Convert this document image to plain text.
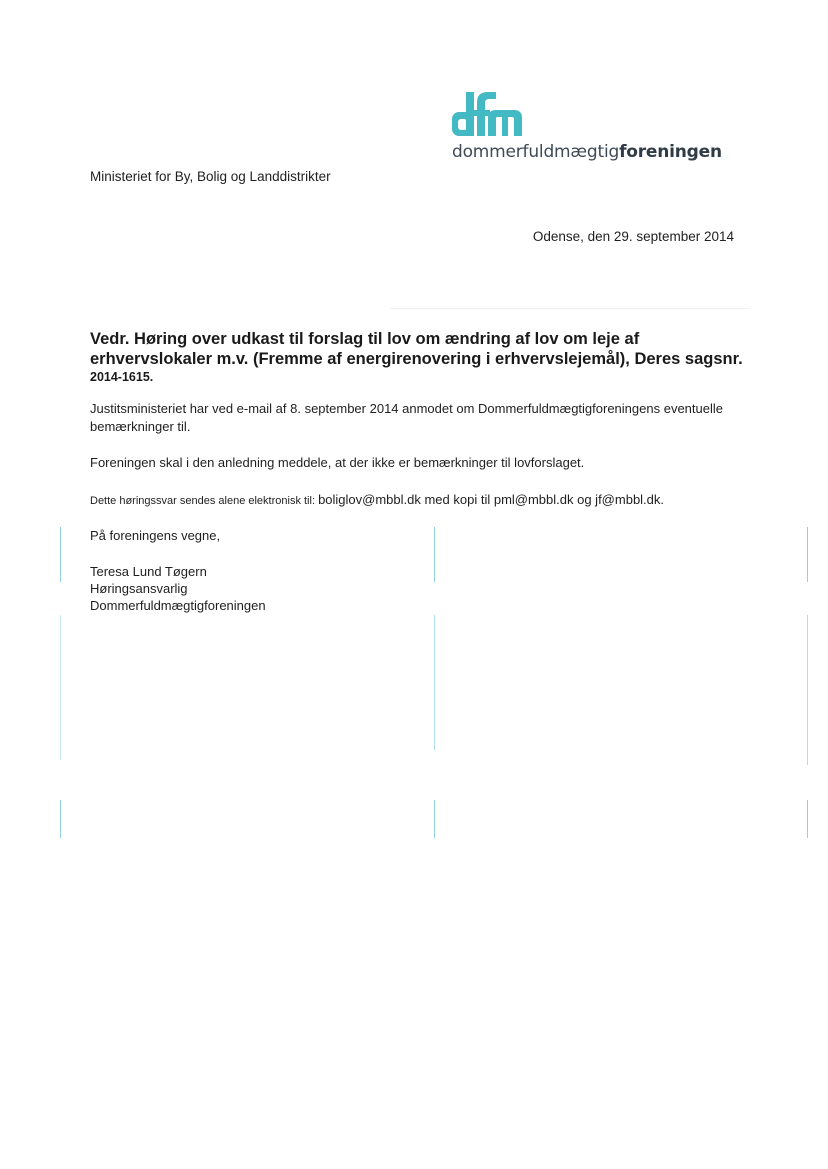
dommerfuldmægtigforeningen
Ministeriet for By, Bolig og Landdistrikter
Odense, den 29. september 2014
Vedr. Høring over udkast til forslag til lov om ændring af lov om leje af erhvervslokaler m.v. (Fremme af energirenovering i erhvervslejemål), Deres sagsnr.
2014-1615.
Justitsministeriet har ved e-mail af 8. september 2014 anmodet om Dommerfuldmægtigforeningens eventuelle bemærkninger til.
Foreningen skal i den anledning meddele, at der ikke er bemærkninger til lovforslaget.
Dette høringssvar sendes alene elektronisk til: boliglov@mbbl.dk med kopi til pml@mbbl.dk og jf@mbbl.dk.
På foreningens vegne,
Teresa Lund Tøgern
Høringsansvarlig
Dommerfuldmægtigforeningen
